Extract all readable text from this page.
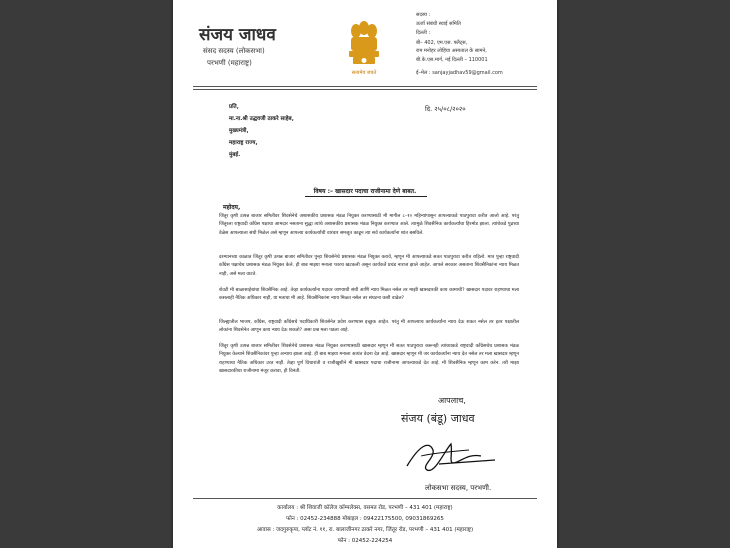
संजय जाधव
संसद सदस्य (लोकसभा)
परभणी (महाराष्ट्र)
सत्यमेव जयते
सदस्य :
ऊर्जा संबंधी स्थाई समिति
दिल्ली :
बी– 402, एम.एस. फ्लैट्स,
राम मनोहर लोहिया अस्पताल के सामने,
बी.के.एस.मार्ग, नई दिल्ली – 110001
ई–मेल : sanjayjadhav59@gmail.com
प्रति,
मा.ना.श्री उद्धवजी ठाकरे साहेब,
मुख्यमंत्री,
महाराष्ट्र राज्य,
मुंबई.
दि. २५/०८/२०२०
विषय :– खासदार पदाचा राजीनामा देणे बाबत.
महोदय,
जिंतूर कृषी उत्पन्न बाजार समितीवर शिवसेनेचे अशासकीय प्रशासक मंडळ नियुक्त करण्यासाठी मी मागील ८–१० महिन्यांपासून आपल्याकडे पाठपुरावा करीत आलो आहे. परंतु जिंतूरला राष्ट्रवादी काँग्रेस पक्षाचा आमदार नसताना सुद्धा त्यांचे अशासकीय प्रशासक मंडळ नियुक्त करण्यात आले. त्यामुळे शिवसैनिक कार्यकर्त्यांचा हिरमोड झाला. त्यांचेकडे पुढच्या वेळेस आपल्याला संधी मिळेल असे म्हणून आपल्या कार्यकर्त्यांची वारंवार समजूत काढून त्या सर्व कार्यकर्त्यांना शांत बसविले.
दरम्यानच्या काळात जिंतूर कृषी उत्पन्न बाजार समितीवर पुन्हा शिवसेनेचे प्रशासक मंडळ नियुक्त करावे, म्हणून मी आपल्याकडे सतत पाठपुरावा करीत राहिलो. मात्र पुन्हा राष्ट्रवादी काँग्रेस पक्षाचेच प्रशासक मंडळ नियुक्त केले. ही बाब माझ्या मनाला फारच खटकली असून कार्यकर्ते प्रचंड नाराज झाले आहेत. आपले सरकार असताना शिवसैनिकांना न्याय मिळत नाही, असे मला वाटते.
शेवटी मी बाळासाहेबांचा शिवसैनिक आहे. तेव्हा कार्यकर्त्यांना पदावर जाण्याची संधी आणि न्याय मिळत नसेल तर माझी खासदारकी काय कामाची? खासदार पदावर राहण्याचा मला कसलाही नैतिक अधिकार नाही, या मताचा मी आहे. शिवसैनिकांना न्याय मिळत नसेल तर संघटना कशी वाढेल?
जिल्ह्यातील भाजप, काँग्रेस, राष्ट्रवादी काँग्रेसचे पदाधिकारी शिवसेनेत प्रवेश करण्यास इच्छुक आहेत. परंतु मी आपल्याच कार्यकर्त्यांना न्याय देऊ शकत नसेल तर इतर पक्षातील लोकांना शिवसेनेत आणून काय न्याय देऊ शकतो? असा प्रश्न मला पडला आहे.
जिंतूर कृषी उत्पन्न बाजार समितीवर शिवसेनेचे प्रशासक मंडळ नियुक्त करण्यासाठी खासदार म्हणून मी सतत पाठपुरावा करूनही त्यांच्याकडे राष्ट्रवादी काँग्रेसचेच प्रशासक मंडळ नियुक्त केल्याने शिवसैनिकांवर पुन्हा अन्याय झाला आहे. ही बाब माझ्या मनाला अत्यंत वेदना देत आहे. खासदार म्हणून मी जर कार्यकर्त्यांना न्याय देत नसेल तर मला खासदार म्हणून राहण्याचा नैतिक अधिकार उरत नाही. तेव्हा पूर्ण विचारांती व राजीखुशीने मी खासदार पदाचा राजीनामा आपल्याकडे देत आहे. मी शिवसैनिक म्हणून काम करेन. तरी माझा खासदारकीचा राजीनामा मंजूर करावा, ही विनंती.
आपलाच,
संजय (बंडू) जाधव
लोकसभा सदस्य, परभणी.
कार्यालय : श्री शिवाजी कॉलेज कॉम्पलेक्स, वसमत रोड, परभणी – 431 401 (महाराष्ट्र)
फोन : 02452-234888 मोबाइल : 09422175500, 09031869265
आवास : जदगुरुकृपा, प्लॉट नं. ११, रा. बालाजीनगर ठाकरे नगर, जिंतूर रोड, परभणी – 431 401 (महाराष्ट्र)
फोन : 02452-224254
